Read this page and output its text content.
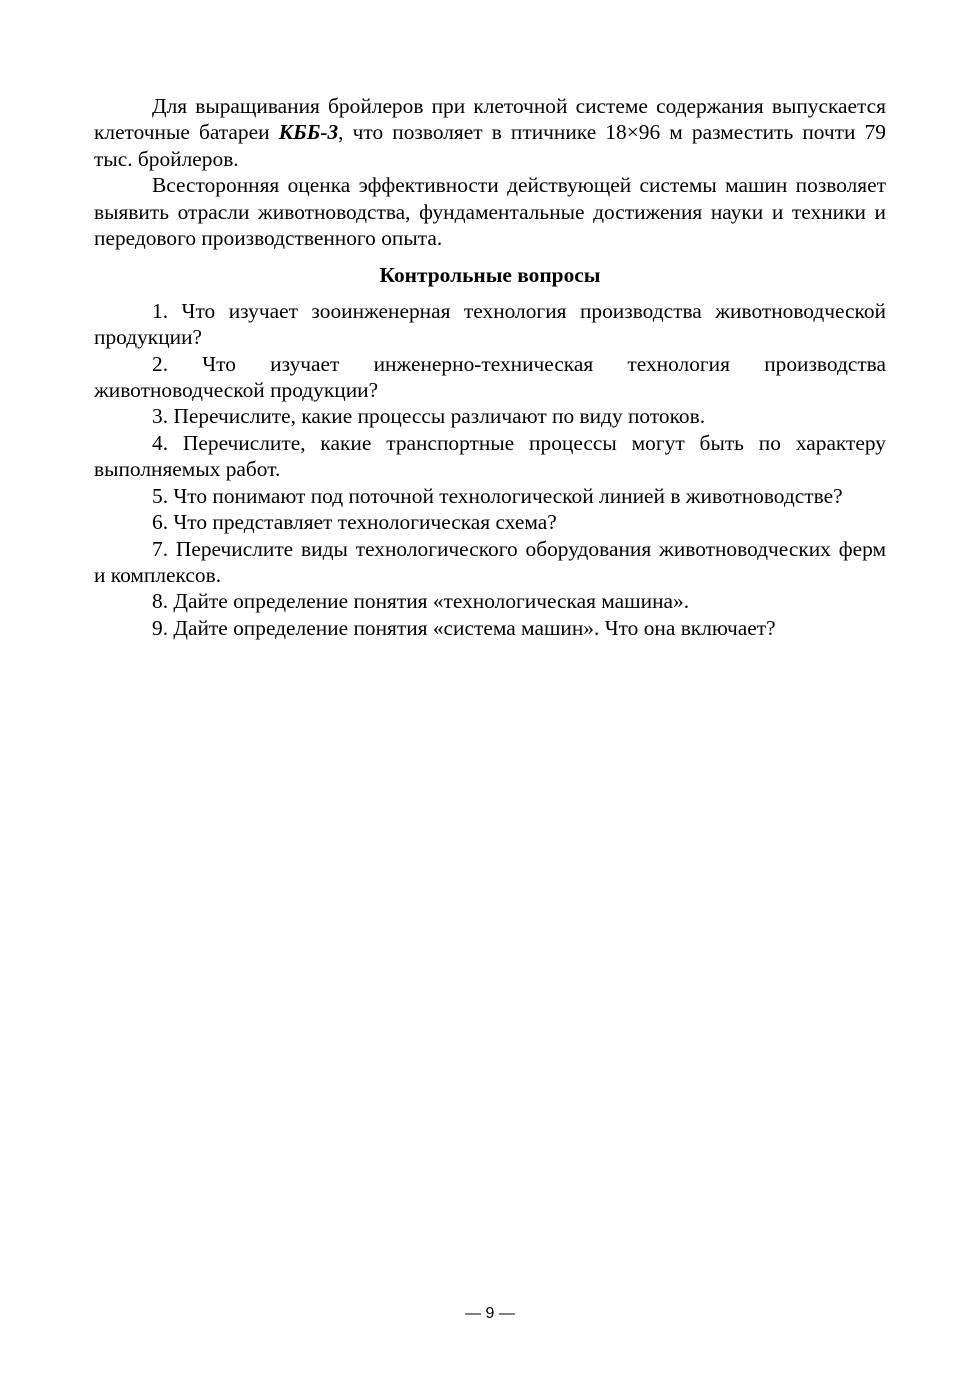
Для выращивания бройлеров при клеточной системе содержания выпускается клеточные батареи КББ-3, что позволяет в птичнике 18×96 м разместить почти 79 тыс. бройлеров.

Всесторонняя оценка эффективности действующей системы машин позволяет выявить отрасли животноводства, фундаментальные достижения науки и техники и передового производственного опыта.

Контрольные вопросы

1. Что изучает зооинженерная технология производства животноводческой продукции?

2. Что изучает инженерно-техническая технология производства животноводческой продукции?

3. Перечислите, какие процессы различают по виду потоков.

4. Перечислите, какие транспортные процессы могут быть по характеру выполняемых работ.

5. Что понимают под поточной технологической линией в животноводстве?

6. Что представляет технологическая схема?

7. Перечислите виды технологического оборудования животноводческих ферм и комплексов.

8. Дайте определение понятия «технологическая машина».

9. Дайте определение понятия «система машин». Что она включает?

— 9 —
